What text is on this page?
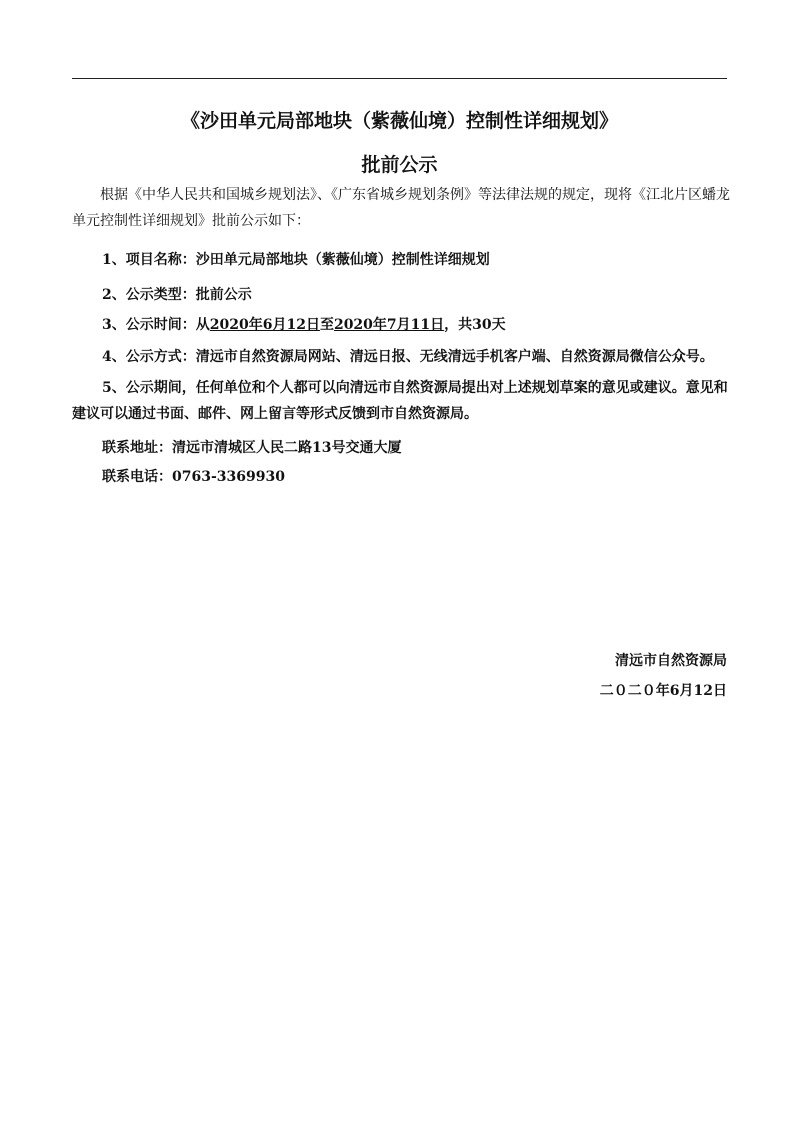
《沙田单元局部地块（紫薇仙境）控制性详细规划》
批前公示
根据《中华人民共和国城乡规划法》、《广东省城乡规划条例》等法律法规的规定，现将《江北片区蟠龙单元控制性详细规划》批前公示如下：
1、项目名称：沙田单元局部地块（紫薇仙境）控制性详细规划
2、公示类型：批前公示
3、公示时间：从2020年6月12日至2020年7月11日，共30天
4、公示方式：清远市自然资源局网站、清远日报、无线清远手机客户端、自然资源局微信公众号。
5、公示期间，任何单位和个人都可以向清远市自然资源局提出对上述规划草案的意见或建议。意见和建议可以通过书面、邮件、网上留言等形式反馈到市自然资源局。
联系地址：清远市清城区人民二路13号交通大厦
联系电话：0763-3369930
清远市自然资源局
二０二０年6月12日
